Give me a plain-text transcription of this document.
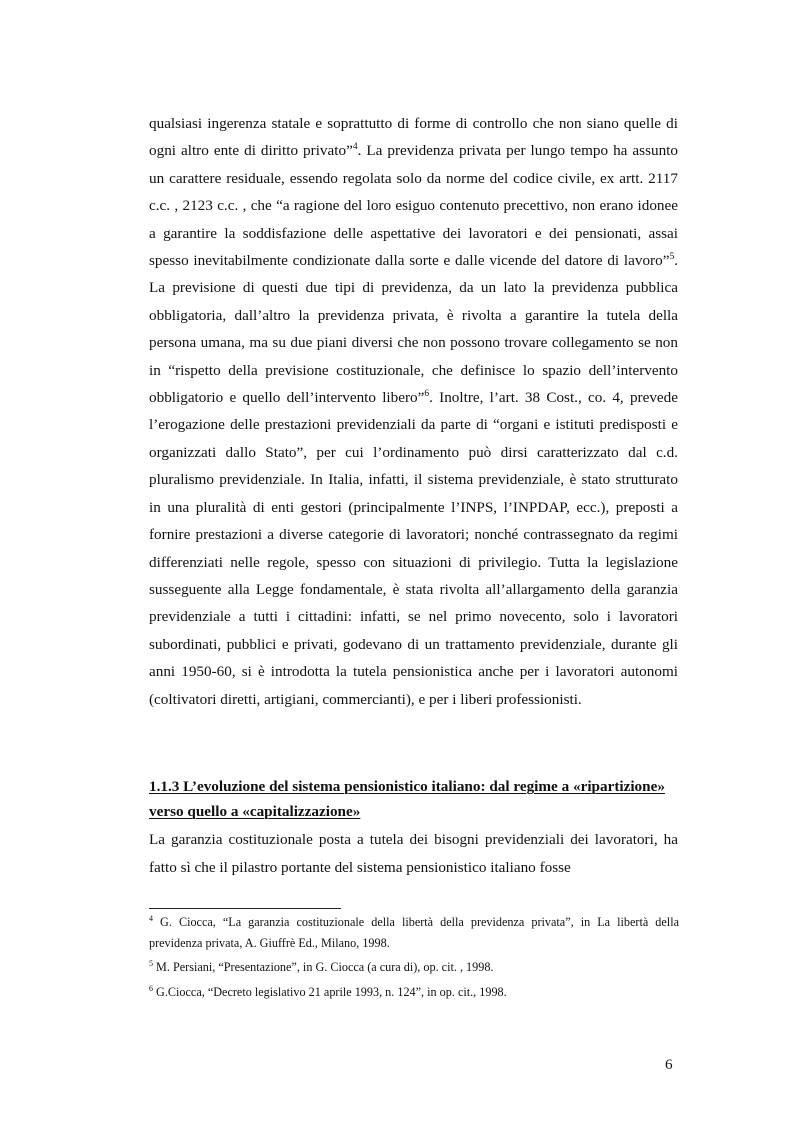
qualsiasi ingerenza statale e soprattutto di forme di controllo che non siano quelle di ogni altro ente di diritto privato”$^4$. La previdenza privata per lungo tempo ha assunto un carattere residuale, essendo regolata solo da norme del codice civile, ex artt. 2117 c.c. , 2123 c.c. , che “a ragione del loro esiguo contenuto precettivo, non erano idonee a garantire la soddisfazione delle aspettative dei lavoratori e dei pensionati, assai spesso inevitabilmente condizionate dalla sorte e dalle vicende del datore di lavoro”$^5$. La previsione di questi due tipi di previdenza, da un lato la previdenza pubblica obbligatoria, dall’altro la previdenza privata, è rivolta a garantire la tutela della persona umana, ma su due piani diversi che non possono trovare collegamento se non in “rispetto della previsione costituzionale, che definisce lo spazio dell’intervento obbligatorio e quello dell’intervento libero”$^6$. Inoltre, l’art. 38 Cost., co. 4, prevede l’erogazione delle prestazioni previdenziali da parte di “organi e istituti predisposti e organizzati dallo Stato”, per cui l’ordinamento può dirsi caratterizzato dal c.d. pluralismo previdenziale. In Italia, infatti, il sistema previdenziale, è stato strutturato in una pluralità di enti gestori (principalmente l’INPS, l’INPDAP, ecc.), preposti a fornire prestazioni a diverse categorie di lavoratori; nonché contrassegnato da regimi differenziati nelle regole, spesso con situazioni di privilegio. Tutta la legislazione susseguente alla Legge fondamentale, è stata rivolta all’allargamento della garanzia previdenziale a tutti i cittadini: infatti, se nel primo novecento, solo i lavoratori subordinati, pubblici e privati, godevano di un trattamento previdenziale, durante gli anni 1950-60, si è introdotta la tutela pensionistica anche per i lavoratori autonomi (coltivatori diretti, artigiani, commercianti), e per i liberi professionisti.

1.1.3 L’evoluzione del sistema pensionistico italiano: dal regime a «ripartizione» verso quello a «capitalizzazione»

La garanzia costituzionale posta a tutela dei bisogni previdenziali dei lavoratori, ha fatto sì che il pilastro portante del sistema pensionistico italiano fosse

$^4$ G. Ciocca, “La garanzia costituzionale della libertà della previdenza privata”, in La libertà della previdenza privata, A. Giuffrè Ed., Milano, 1998.

$^5$ M. Persiani, “Presentazione”, in G. Ciocca (a cura di), op. cit. , 1998.

$^6$ G.Ciocca, “Decreto legislativo 21 aprile 1993, n. 124”, in op. cit., 1998.

6
